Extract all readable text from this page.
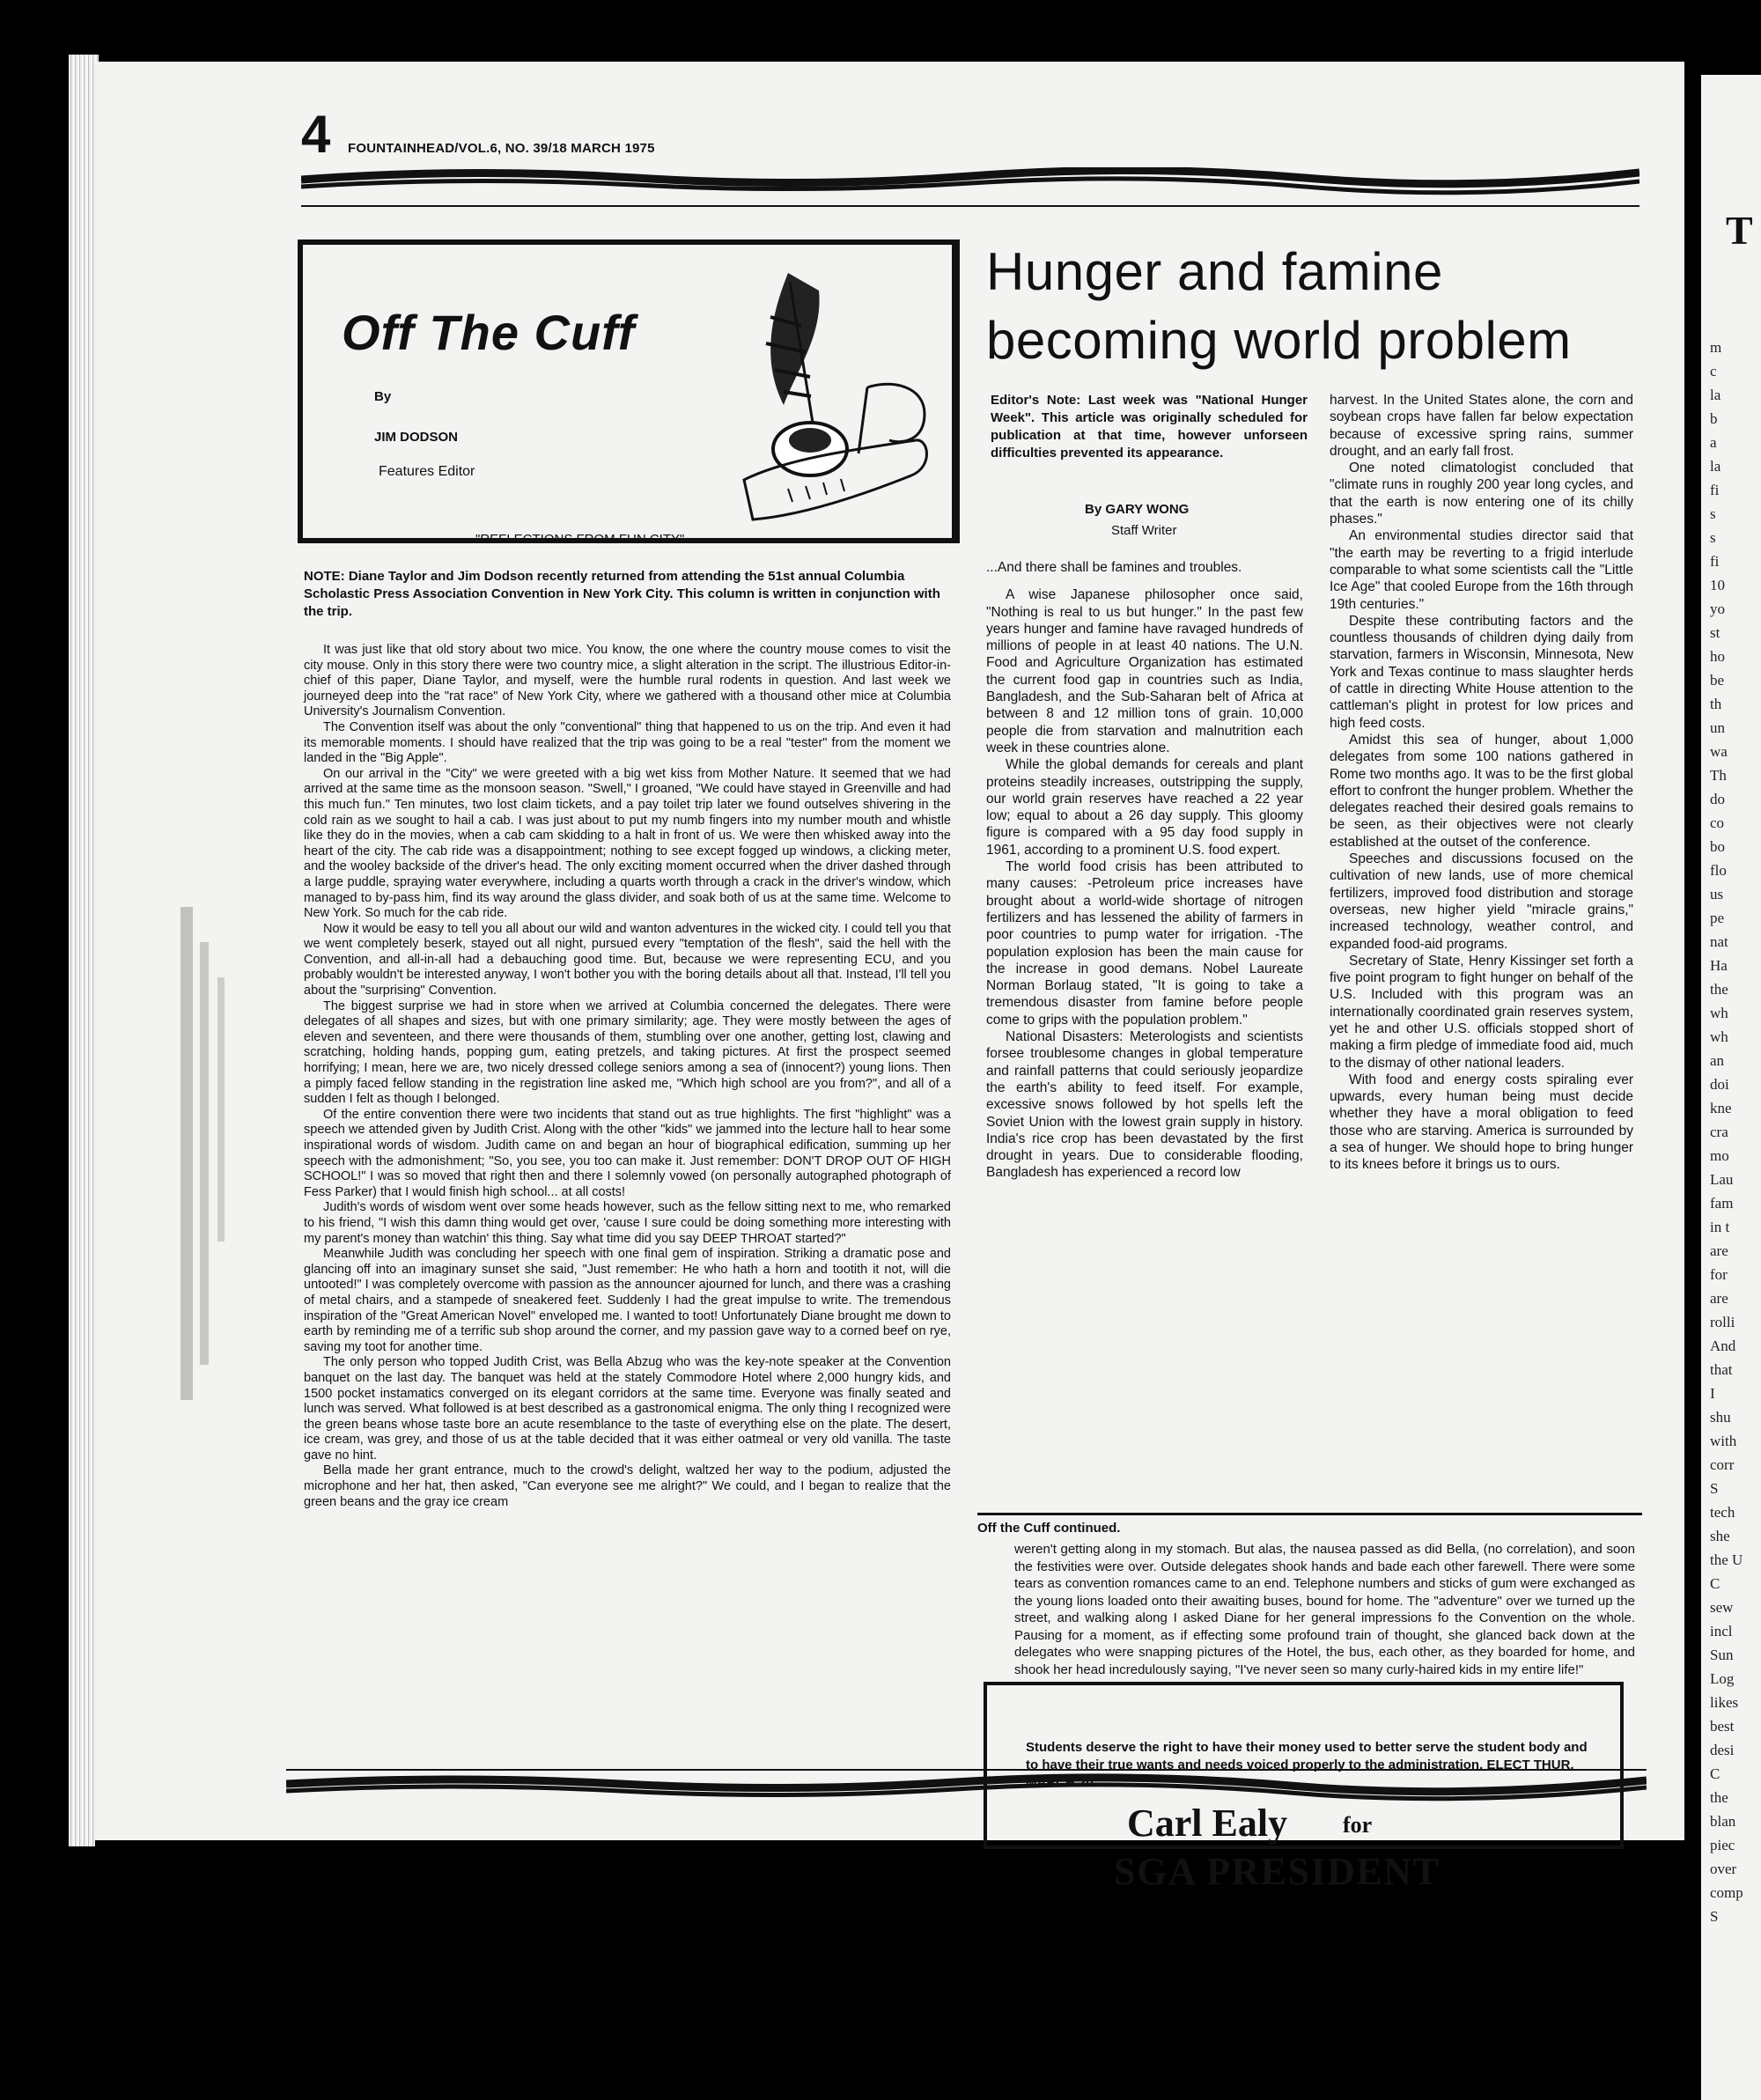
T
m
c
la
b
a
la
fi
s
s
fi
10
yo
st
ho
be
th
un
wa
Th
do
co
bo
flo
us
pe
nat
Ha
the
wh
wh
an
doi
kne
cra
mo
Lau
fam
in t
are
for
are
rolli
And
that
I
shu
with
corr
S
tech
she
the U
C
sew
incl
Sun
Log
likes
best
desi
C
the
blan
piec
over
comp
S
4 FOUNTAINHEAD/VOL.6, NO. 39/18 MARCH 1975
Off The Cuff
By
JIM DODSON
Features Editor
"REFLECTIONS FROM FUN CITY"
NOTE: Diane Taylor and Jim Dodson recently returned from attending the 51st annual Columbia Scholastic Press Association Convention in New York City. This column is written in conjunction with the trip.

It was just like that old story about two mice. You know, the one where the country mouse comes to visit the city mouse. Only in this story there were two country mice, a slight alteration in the script. The illustrious Editor-in-chief of this paper, Diane Taylor, and myself, were the humble rural rodents in question. And last week we journeyed deep into the "rat race" of New York City, where we gathered with a thousand other mice at Columbia University's Journalism Convention.

The Convention itself was about the only "conventional" thing that happened to us on the trip. And even it had its memorable moments. I should have realized that the trip was going to be a real "tester" from the moment we landed in the "Big Apple".

On our arrival in the "City" we were greeted with a big wet kiss from Mother Nature. It seemed that we had arrived at the same time as the monsoon season. "Swell," I groaned, "We could have stayed in Greenville and had this much fun." Ten minutes, two lost claim tickets, and a pay toilet trip later we found outselves shivering in the cold rain as we sought to hail a cab. I was just about to put my numb fingers into my number mouth and whistle like they do in the movies, when a cab cam skidding to a halt in front of us. We were then whisked away into the heart of the city. The cab ride was a disappointment; nothing to see except fogged up windows, a clicking meter, and the wooley backside of the driver's head. The only exciting moment occurred when the driver dashed through a large puddle, spraying water everywhere, including a quarts worth through a crack in the driver's window, which managed to by-pass him, find its way around the glass divider, and soak both of us at the same time. Welcome to New York. So much for the cab ride.

Now it would be easy to tell you all about our wild and wanton adventures in the wicked city. I could tell you that we went completely beserk, stayed out all night, pursued every "temptation of the flesh", said the hell with the Convention, and all-in-all had a debauching good time. But, because we were representing ECU, and you probably wouldn't be interested anyway, I won't bother you with the boring details about all that. Instead, I'll tell you about the "surprising" Convention.

The biggest surprise we had in store when we arrived at Columbia concerned the delegates. There were delegates of all shapes and sizes, but with one primary similarity; age. They were mostly between the ages of eleven and seventeen, and there were thousands of them, stumbling over one another, getting lost, clawing and scratching, holding hands, popping gum, eating pretzels, and taking pictures. At first the prospect seemed horrifying; I mean, here we are, two nicely dressed college seniors among a sea of (innocent?) young lions. Then a pimply faced fellow standing in the registration line asked me, "Which high school are you from?", and all of a sudden I felt as though I belonged.

Of the entire convention there were two incidents that stand out as true highlights. The first "highlight" was a speech we attended given by Judith Crist. Along with the other "kids" we jammed into the lecture hall to hear some inspirational words of wisdom. Judith came on and began an hour of biographical edification, summing up her speech with the admonishment; "So, you see, you too can make it. Just remember: DON'T DROP OUT OF HIGH SCHOOL!" I was so moved that right then and there I solemnly vowed (on personally autographed photograph of Fess Parker) that I would finish high school... at all costs!

Judith's words of wisdom went over some heads however, such as the fellow sitting next to me, who remarked to his friend, "I wish this damn thing would get over, 'cause I sure could be doing something more interesting with my parent's money than watchin' this thing. Say what time did you say DEEP THROAT started?"

Meanwhile Judith was concluding her speech with one final gem of inspiration. Striking a dramatic pose and glancing off into an imaginary sunset she said, "Just remember: He who hath a horn and tootith it not, will die untooted!" I was completely overcome with passion as the announcer ajourned for lunch, and there was a crashing of metal chairs, and a stampede of sneakered feet. Suddenly I had the great impulse to write. The tremendous inspiration of the "Great American Novel" enveloped me. I wanted to toot! Unfortunately Diane brought me down to earth by reminding me of a terrific sub shop around the corner, and my passion gave way to a corned beef on rye, saving my toot for another time.

The only person who topped Judith Crist, was Bella Abzug who was the key-note speaker at the Convention banquet on the last day. The banquet was held at the stately Commodore Hotel where 2,000 hungry kids, and 1500 pocket instamatics converged on its elegant corridors at the same time. Everyone was finally seated and lunch was served. What followed is at best described as a gastronomical enigma. The only thing I recognized were the green beans whose taste bore an acute resemblance to the taste of everything else on the plate. The desert, ice cream, was grey, and those of us at the table decided that it was either oatmeal or very old vanilla. The taste gave no hint.

Bella made her grant entrance, much to the crowd's delight, waltzed her way to the podium, adjusted the microphone and her hat, then asked, "Can everyone see me alright?" We could, and I began to realize that the green beans and the gray ice cream

Hunger and famine
becoming world problem
Editor's Note: Last week was "National Hunger Week". This article was originally scheduled for publication at that time, however unforseen difficulties prevented its appearance.
By GARY WONG
Staff Writer

...And there shall be famines and troubles.

A wise Japanese philosopher once said, "Nothing is real to us but hunger." In the past few years hunger and famine have ravaged hundreds of millions of people in at least 40 nations. The U.N. Food and Agriculture Organization has estimated the current food gap in countries such as India, Bangladesh, and the Sub-Saharan belt of Africa at between 8 and 12 million tons of grain. 10,000 people die from starvation and malnutrition each week in these countries alone.

While the global demands for cereals and plant proteins steadily increases, outstripping the supply, our world grain reserves have reached a 22 year low; equal to about a 26 day supply. This gloomy figure is compared with a 95 day food supply in 1961, according to a prominent U.S. food expert.

The world food crisis has been attributed to many causes: -Petroleum price increases have brought about a world-wide shortage of nitrogen fertilizers and has lessened the ability of farmers in poor countries to pump water for irrigation. -The population explosion has been the main cause for the increase in good demans. Nobel Laureate Norman Borlaug stated, "It is going to take a tremendous disaster from famine before people come to grips with the population problem."

National Disasters: Meterologists and scientists forsee troublesome changes in global temperature and rainfall patterns that could seriously jeopardize the earth's ability to feed itself. For example, excessive snows followed by hot spells left the Soviet Union with the lowest grain supply in history. India's rice crop has been devastated by the first drought in years. Due to considerable flooding, Bangladesh has experienced a record low

harvest. In the United States alone, the corn and soybean crops have fallen far below expectation because of excessive spring rains, summer drought, and an early fall frost.

One noted climatologist concluded that "climate runs in roughly 200 year long cycles, and that the earth is now entering one of its chilly phases."

An environmental studies director said that "the earth may be reverting to a frigid interlude comparable to what some scientists call the "Little Ice Age" that cooled Europe from the 16th through 19th centuries."

Despite these contributing factors and the countless thousands of children dying daily from starvation, farmers in Wisconsin, Minnesota, New York and Texas continue to mass slaughter herds of cattle in directing White House attention to the cattleman's plight in protest for low prices and high feed costs.

Amidst this sea of hunger, about 1,000 delegates from some 100 nations gathered in Rome two months ago. It was to be the first global effort to confront the hunger problem. Whether the delegates reached their desired goals remains to be seen, as their objectives were not clearly established at the outset of the conference.

Speeches and discussions focused on the cultivation of new lands, use of more chemical fertilizers, improved food distribution and storage overseas, new higher yield "miracle grains," increased technology, weather control, and expanded food-aid programs.

Secretary of State, Henry Kissinger set forth a five point program to fight hunger on behalf of the U.S. Included with this program was an internationally coordinated grain reserves system, yet he and other U.S. officials stopped short of making a firm pledge of immediate food aid, much to the dismay of other national leaders.

With food and energy costs spiraling ever upwards, every human being must decide whether they have a moral obligation to feed those who are starving. America is surrounded by a sea of hunger. We should hope to bring hunger to its knees before it brings us to ours.

Off the Cuff continued.
weren't getting along in my stomach. But alas, the nausea passed as did Bella, (no correlation), and soon the festivities were over. Outside delegates shook hands and bade each other farewell. There were some tears as convention romances came to an end. Telephone numbers and sticks of gum were exchanged as the young lions loaded onto their awaiting buses, bound for home. The "adventure" over we turned up the street, and walking along I asked Diane for her general impressions fo the Convention on the whole. Pausing for a moment, as if effecting some profound train of thought, she glanced back down at the delegates who were snapping pictures of the Hotel, the bus, each other, as they boarded for home, and shook her head incredulously saying, "I've never seen so many curly-haired kids in my entire life!"
Students deserve the right to have their money used to better serve the student body and to have their true wants and needs voiced properly to the administration. ELECT THUR. MARCH 20
Carl Ealy for
SGA PRESIDENT
